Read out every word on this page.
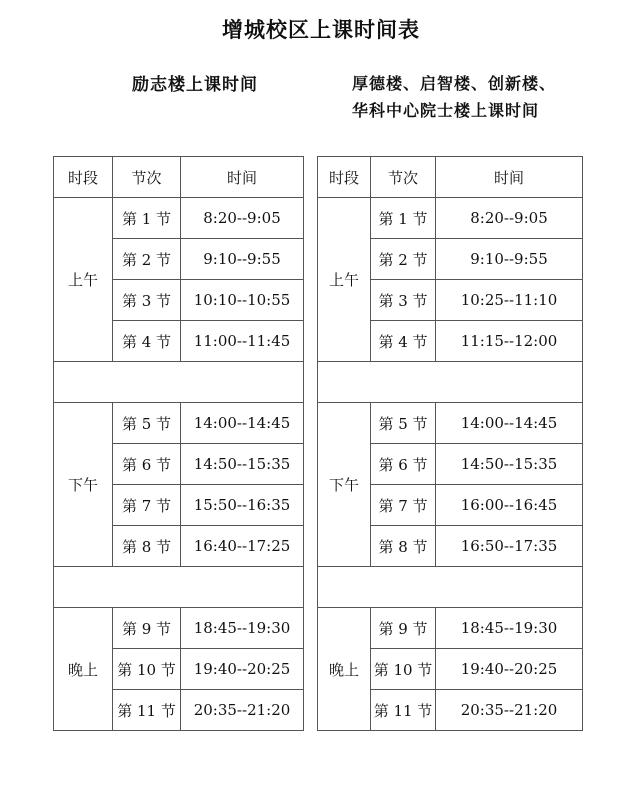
增城校区上课时间表
励志楼上课时间	厚德楼、启智楼、创新楼、
华科中心院士楼上课时间
时段	节次	时间
上午	第 1 节	8:20--9:05
	第 2 节	9:10--9:55
	第 3 节	10:10--10:55
	第 4 节	11:00--11:45

下午	第 5 节	14:00--14:45
	第 6 节	14:50--15:35
	第 7 节	15:50--16:35
	第 8 节	16:40--17:25

晚上	第 9 节	18:45--19:30
	第 10 节	19:40--20:25
	第 11 节	20:35--21:20
时段	节次	时间
上午	第 1 节	8:20--9:05
	第 2 节	9:10--9:55
	第 3 节	10:25--11:10
	第 4 节	11:15--12:00

下午	第 5 节	14:00--14:45
	第 6 节	14:50--15:35
	第 7 节	16:00--16:45
	第 8 节	16:50--17:35

晚上	第 9 节	18:45--19:30
	第 10 节	19:40--20:25
	第 11 节	20:35--21:20
